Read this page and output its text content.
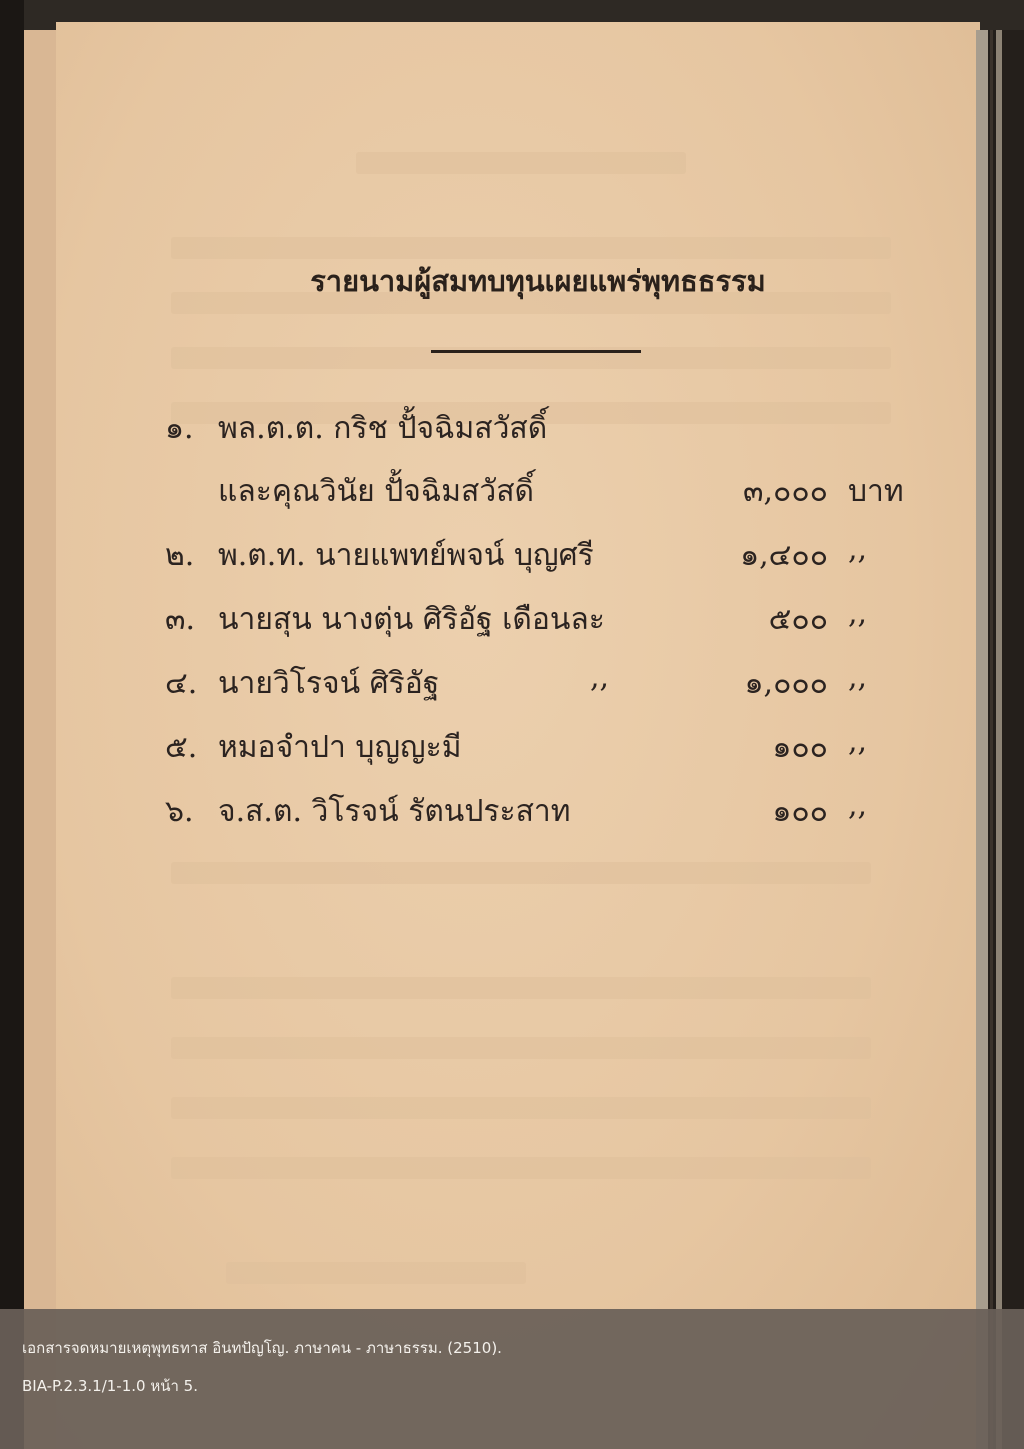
รายนามผู้สมทบทุนเผยแพร่พุทธธรรม
๑. พล.ต.ต. กริช ปั้จฉิมสวัสดิ์
และคุณวินัย ปั้จฉิมสวัสดิ์	๓,๐๐๐ บาท
๒. พ.ต.ท. นายแพทย์พจน์ บุญศรี	๑,๔๐๐ ,,
๓. นายสุน นางตุ่น ศิริอัฐ เดือนละ	๕๐๐ ,,
๔. นายวิโรจน์ ศิริอัฐ	,,	๑,๐๐๐ ,,
๕. หมอจำปา บุญญะมี	๑๐๐ ,,
๖. จ.ส.ต. วิโรจน์ รัตนประสาท	๑๐๐ ,,
เอกสารจดหมายเหตุพุทธทาส อินทปัญโญ. ภาษาคน - ภาษาธรรม. (2510).
BIA-P.2.3.1/1-1.0 หน้า 5.
